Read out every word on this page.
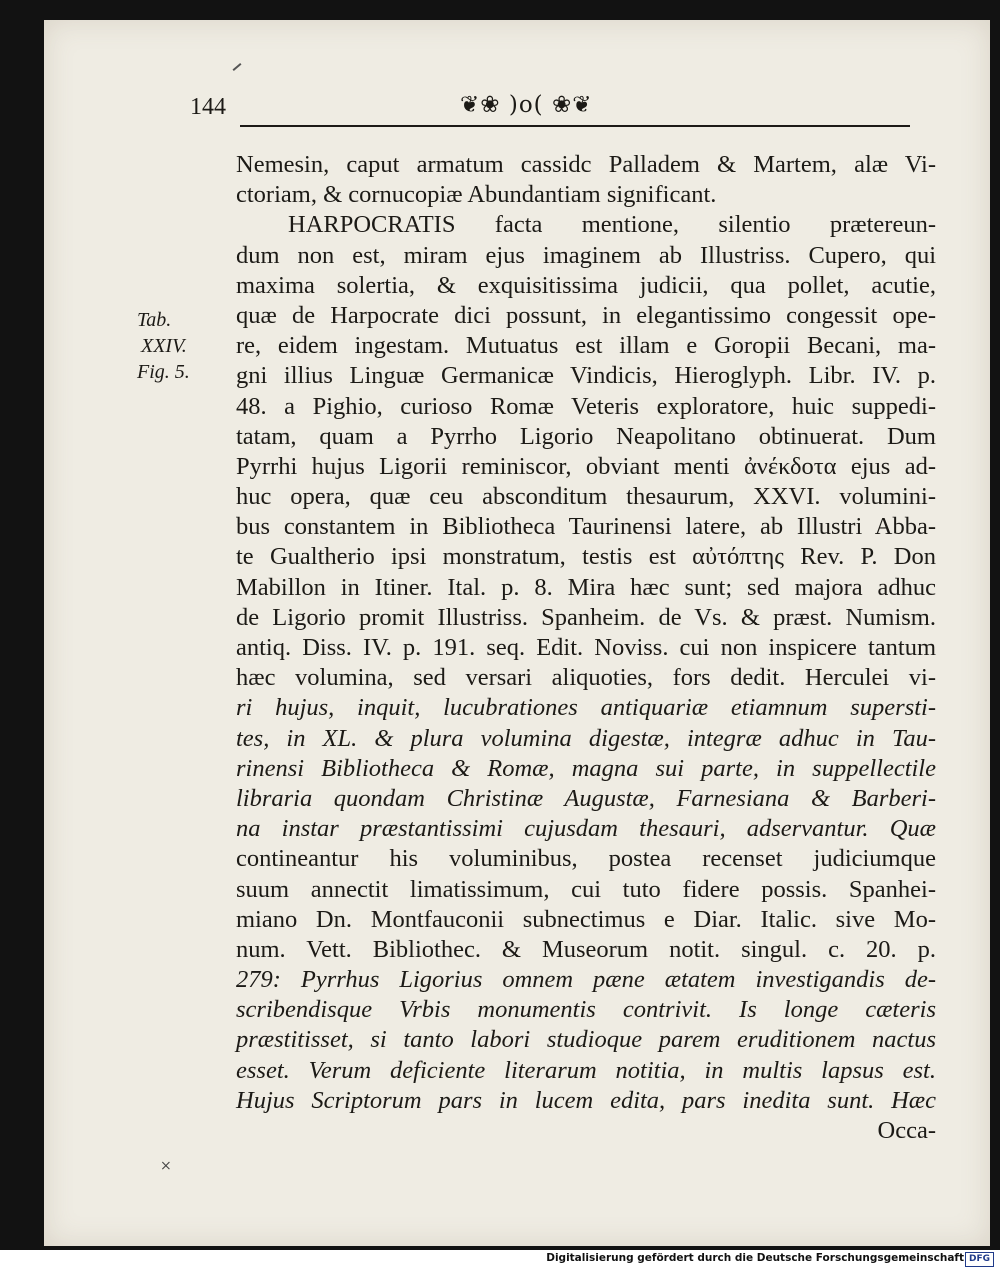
144	❦❀ )o( ❀❦
Tab.
XXIV.
Fig. 5.
Nemesin, caput armatum cassidc Palladem & Martem, alæ Vi-
ctoriam, & cornucopiæ Abundantiam significant.
HARPOCRATIS facta mentione, silentio prætereun-
dum non est, miram ejus imaginem ab Illustriss. Cupero, qui
maxima solertia, & exquisitissima judicii, qua pollet, acutie,
quæ de Harpocrate dici possunt, in elegantissimo congessit ope-
re, eidem ingestam. Mutuatus est illam e Goropii Becani, ma-
gni illius Linguæ Germanicæ Vindicis, Hieroglyph. Libr. IV. p.
48. a Pighio, curioso Romæ Veteris exploratore, huic suppedi-
tatam, quam a Pyrrho Ligorio Neapolitano obtinuerat. Dum
Pyrrhi hujus Ligorii reminiscor, obviant menti ἀνέκδοτα ejus ad-
huc opera, quæ ceu absconditum thesaurum, XXVI. volumini-
bus constantem in Bibliotheca Taurinensi latere, ab Illustri Abba-
te Gualtherio ipsi monstratum, testis est αὐτόπτης Rev. P. Don
Mabillon in Itiner. Ital. p. 8. Mira hæc sunt; sed majora adhuc
de Ligorio promit Illustriss. Spanheim. de Vs. & præst. Numism.
antiq. Diss. IV. p. 191. seq. Edit. Noviss. cui non inspicere tantum
hæc volumina, sed versari aliquoties, fors dedit. Herculei vi-
ri hujus, inquit, lucubrationes antiquariæ etiamnum supersti-
tes, in XL. & plura volumina digestæ, integræ adhuc in Tau-
rinensi Bibliotheca & Romæ, magna sui parte, in suppellectile
libraria quondam Christinæ Augustæ, Farnesiana & Barberi-
na instar præstantissimi cujusdam thesauri, adservantur. Quæ
contineantur his voluminibus, postea recenset judiciumque
suum annectit limatissimum, cui tuto fidere possis. Spanhei-
miano Dn. Montfauconii subnectimus e Diar. Italic. sive Mo-
num. Vett. Bibliothec. & Museorum notit. singul. c. 20. p.
279: Pyrrhus Ligorius omnem pæne ætatem investigandis de-
scribendisque Vrbis monumentis contrivit. Is longe cæteris
præstitisset, si tanto labori studioque parem eruditionem nactus
esset. Verum deficiente literarum notitia, in multis lapsus est.
Hujus Scriptorum pars in lucem edita, pars inedita sunt. Hæc
Occa-
×
Digitalisierung gefördert durch die Deutsche Forschungsgemeinschaft DFG
